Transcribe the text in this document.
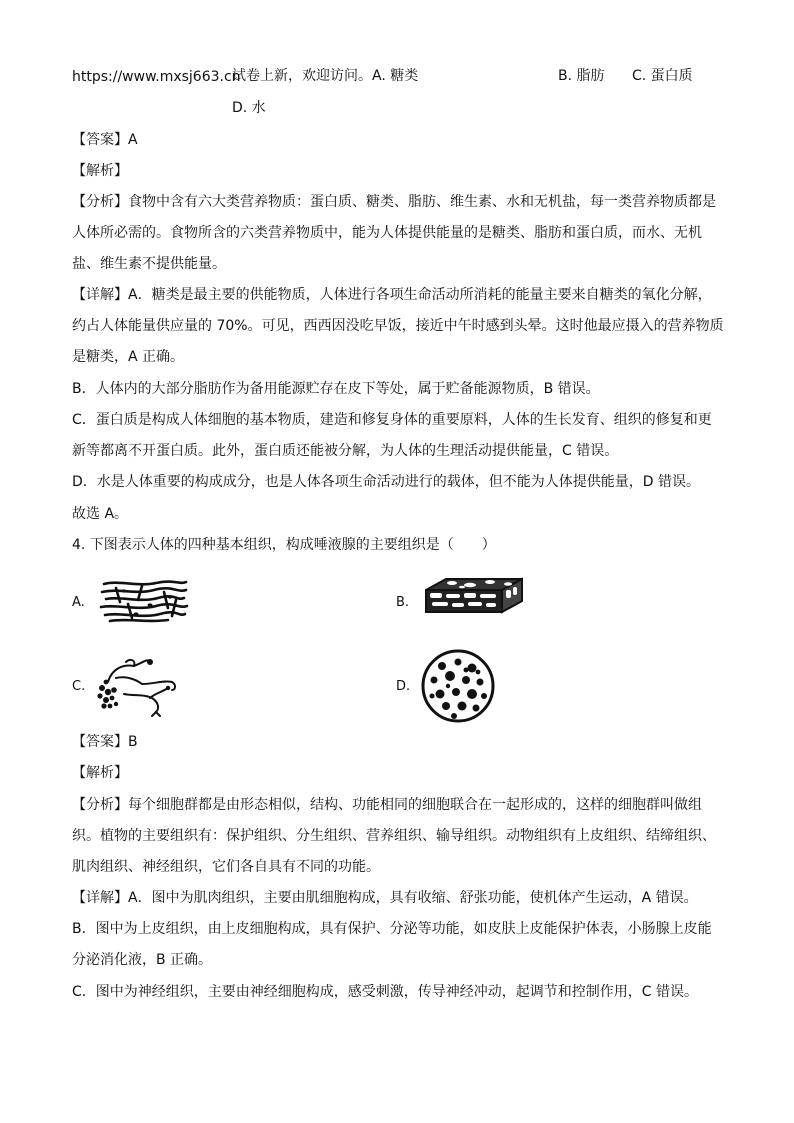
https://www.mxsj663.cn
试卷上新，欢迎访问。A. 糖类	B. 脂肪 C. 蛋白质
D. 水
【答案】A
【解析】
【分析】食物中含有六大类营养物质：蛋白质、糖类、脂肪、维生素、水和无机盐，每一类营养物质都是
人体所必需的。食物所含的六类营养物质中，能为人体提供能量的是糖类、脂肪和蛋白质，而水、无机
盐、维生素不提供能量。
【详解】A．糖类是最主要的供能物质，人体进行各项生命活动所消耗的能量主要来自糖类的氧化分解，
约占人体能量供应量的 70%。可见，西西因没吃早饭，接近中午时感到头晕。这时他最应摄入的营养物质
是糖类，A 正确。
B．人体内的大部分脂肪作为备用能源贮存在皮下等处，属于贮备能源物质，B 错误。
C．蛋白质是构成人体细胞的基本物质，建造和修复身体的重要原料，人体的生长发育、组织的修复和更
新等都离不开蛋白质。此外，蛋白质还能被分解，为人体的生理活动提供能量，C 错误。
D．水是人体重要的构成成分，也是人体各项生命活动进行的载体，但不能为人体提供能量，D 错误。
故选 A。
4. 下图表示人体的四种基本组织，构成唾液腺的主要组织是（　　）
A.	B.
C.	D.
【答案】B
【解析】
【分析】每个细胞群都是由形态相似，结构、功能相同的细胞联合在一起形成的，这样的细胞群叫做组
织。植物的主要组织有：保护组织、分生组织、营养组织、输导组织。动物组织有上皮组织、结缔组织、
肌肉组织、神经组织，它们各自具有不同的功能。
【详解】A．图中为肌肉组织，主要由肌细胞构成，具有收缩、舒张功能，使机体产生运动，A 错误。
B．图中为上皮组织，由上皮细胞构成，具有保护、分泌等功能，如皮肤上皮能保护体表，小肠腺上皮能
分泌消化液，B 正确。
C．图中为神经组织，主要由神经细胞构成，感受刺激，传导神经冲动，起调节和控制作用，C 错误。
